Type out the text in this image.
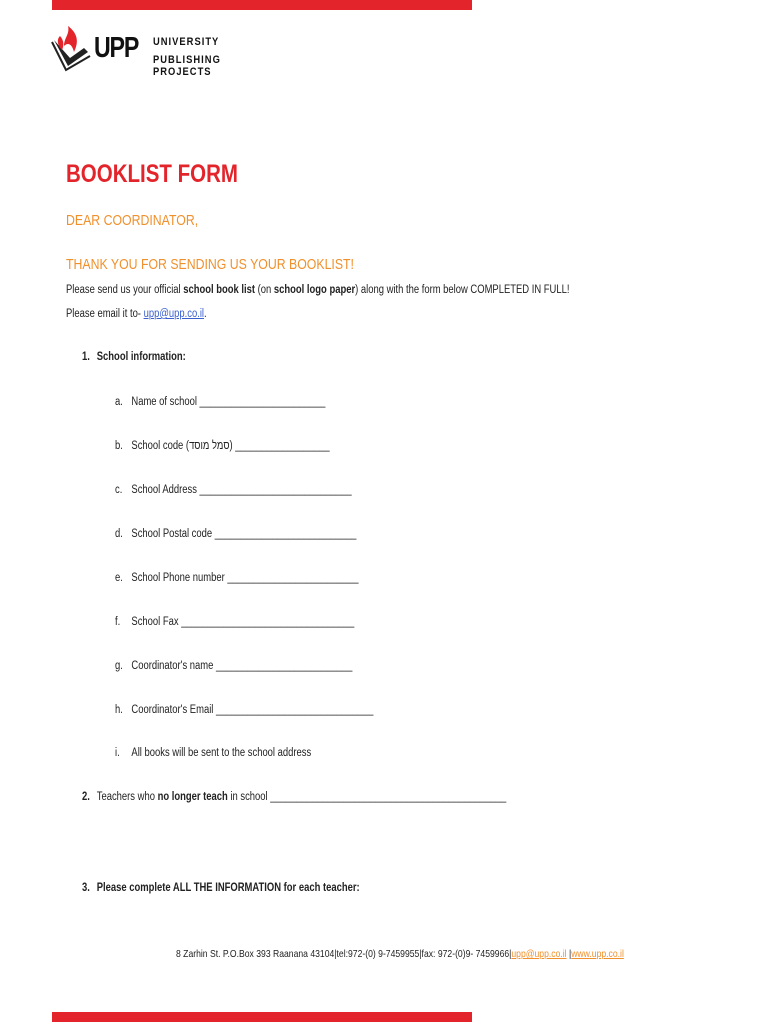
UPP UNIVERSITY
PUBLISHING PROJECTS
BOOKLIST FORM
DEAR COORDINATOR,
THANK YOU FOR SENDING US YOUR BOOKLIST!
Please send us your official school book list (on school logo paper) along with the form below COMPLETED IN FULL!
Please email it to- upp@upp.co.il.
1. School information:
a. Name of school ________________________
b. School code (סמל מוסד) __________________
c. School Address _____________________________
d. School Postal code ___________________________
e. School Phone number _________________________
f. School Fax _________________________________
g. Coordinator's name __________________________
h. Coordinator's Email ______________________________
i. All books will be sent to the school address
2. Teachers who no longer teach in school _____________________________________________
3. Please complete ALL THE INFORMATION for each teacher:
8 Zarhin St. P.O.Box 393 Raanana 43104|tel:972-(0) 9-7459955|fax: 972-(0)9- 7459966|upp@upp.co.il |www.upp.co.il
